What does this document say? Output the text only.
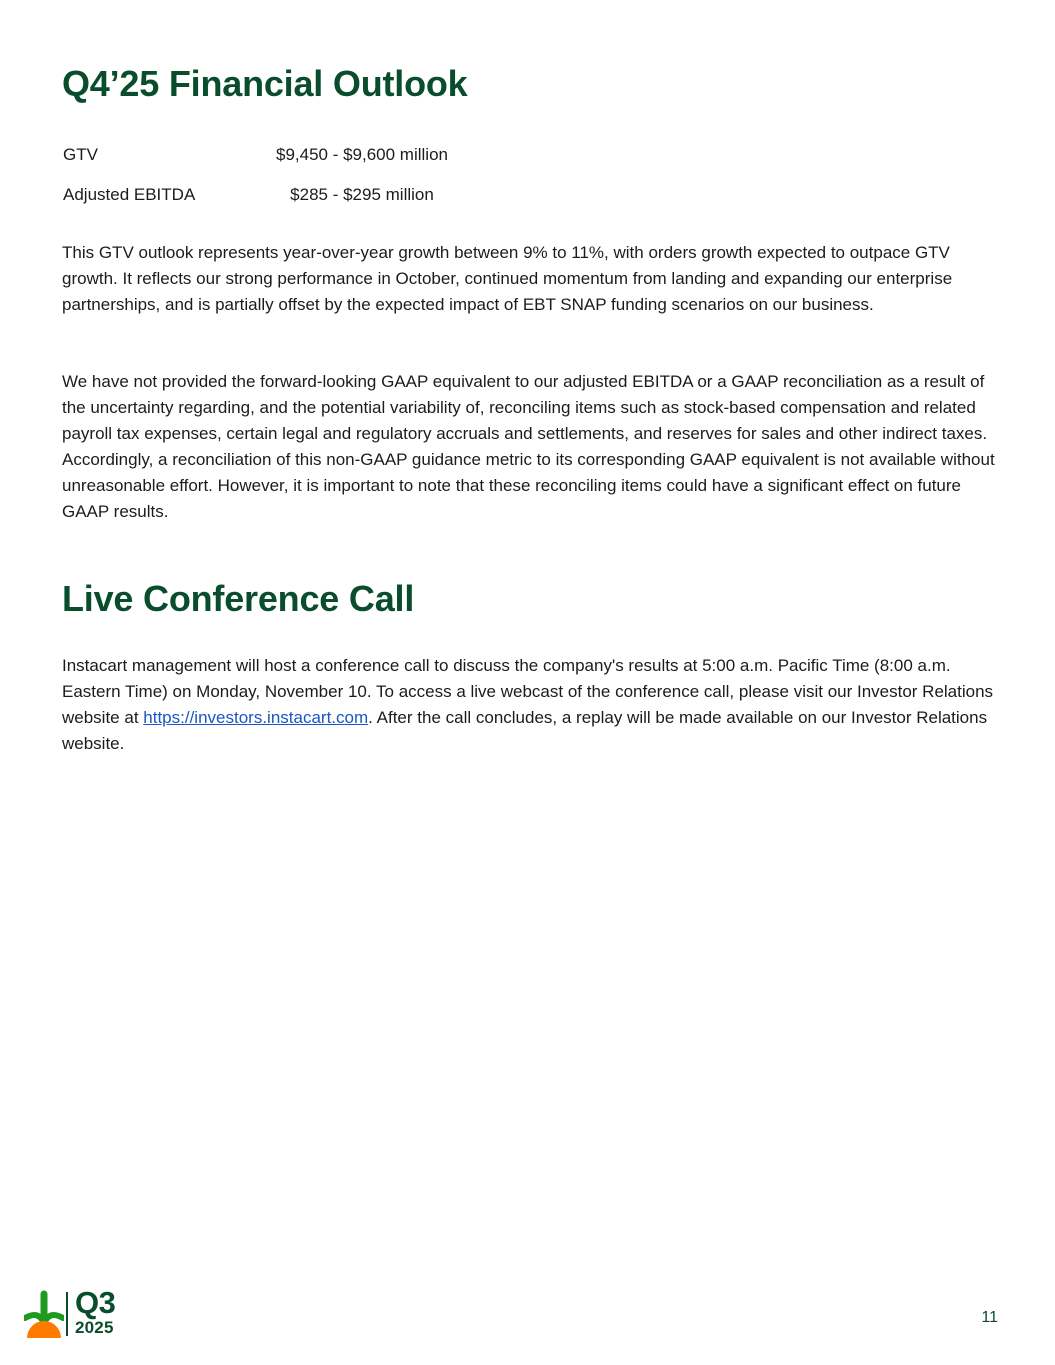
Q4’25 Financial Outlook
GTV	$9,450 - $9,600 million
Adjusted EBITDA	$285 - $295 million

This GTV outlook represents year-over-year growth between 9% to 11%, with orders growth expected to outpace GTV growth. It reflects our strong performance in October, continued momentum from landing and expanding our enterprise partnerships, and is partially offset by the expected impact of EBT SNAP funding scenarios on our business.

We have not provided the forward-looking GAAP equivalent to our adjusted EBITDA or a GAAP reconciliation as a result of the uncertainty regarding, and the potential variability of, reconciling items such as stock-based compensation and related payroll tax expenses, certain legal and regulatory accruals and settlements, and reserves for sales and other indirect taxes. Accordingly, a reconciliation of this non-GAAP guidance metric to its corresponding GAAP equivalent is not available without unreasonable effort. However, it is important to note that these reconciling items could have a significant effect on future GAAP results.

Live Conference Call

Instacart management will host a conference call to discuss the company's results at 5:00 a.m. Pacific Time (8:00 a.m. Eastern Time) on Monday, November 10. To access a live webcast of the conference call, please visit our Investor Relations website at https://investors.instacart.com. After the call concludes, a replay will be made available on our Investor Relations website.

Q3
2025
11
